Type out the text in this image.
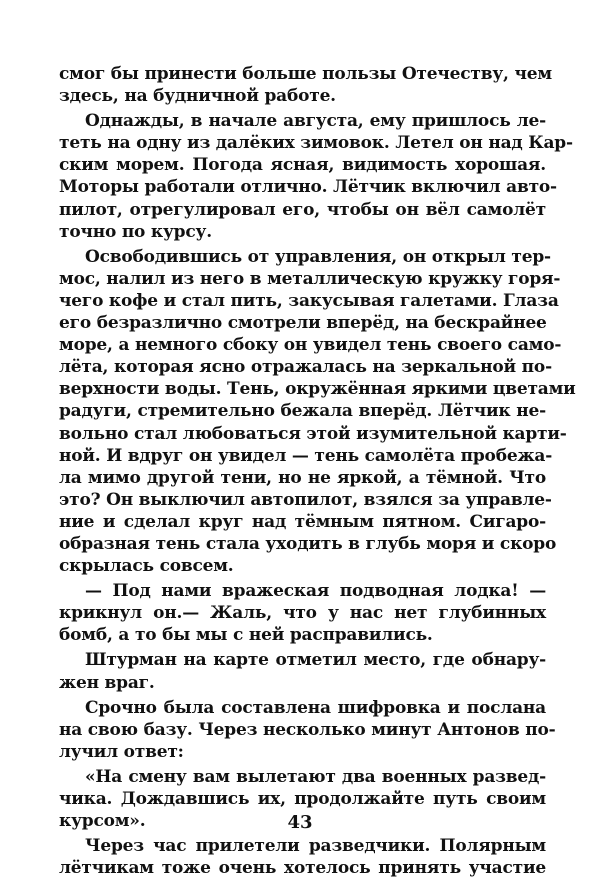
смог бы принести больше пользы Отечеству, чем
здесь, на будничной работе.

Однажды, в начале августа, ему пришлось ле-
теть на одну из далёких зимовок. Летел он над Кар-
ским морем. Погода ясная, видимость хорошая.
Моторы работали отлично. Лётчик включил авто-
пилот, отрегулировал его, чтобы он вёл самолёт
точно по курсу.

Освободившись от управления, он открыл тер-
мос, налил из него в металлическую кружку горя-
чего кофе и стал пить, закусывая галетами. Глаза
его безразлично смотрели вперёд, на бескрайнее
море, а немного сбоку он увидел тень своего само-
лёта, которая ясно отражалась на зеркальной по-
верхности воды. Тень, окружённая яркими цветами
радуги, стремительно бежала вперёд. Лётчик не-
вольно стал любоваться этой изумительной карти-
ной. И вдруг он увидел — тень самолёта пробежа-
ла мимо другой тени, но не яркой, а тёмной. Что
это? Он выключил автопилот, взялся за управле-
ние и сделал круг над тёмным пятном. Сигаро-
образная тень стала уходить в глубь моря и скоро
скрылась совсем.

— Под нами вражеская подводная лодка! —
крикнул он.— Жаль, что у нас нет глубинных
бомб, а то бы мы с ней расправились.

Штурман на карте отметил место, где обнару-
жен враг.

Срочно была составлена шифровка и послана
на свою базу. Через несколько минут Антонов по-
лучил ответ:

«На смену вам вылетают два военных развед-
чика. Дождавшись их, продолжайте путь своим
курсом».

Через час прилетели разведчики. Полярным
лётчикам тоже очень хотелось принять участие

43
